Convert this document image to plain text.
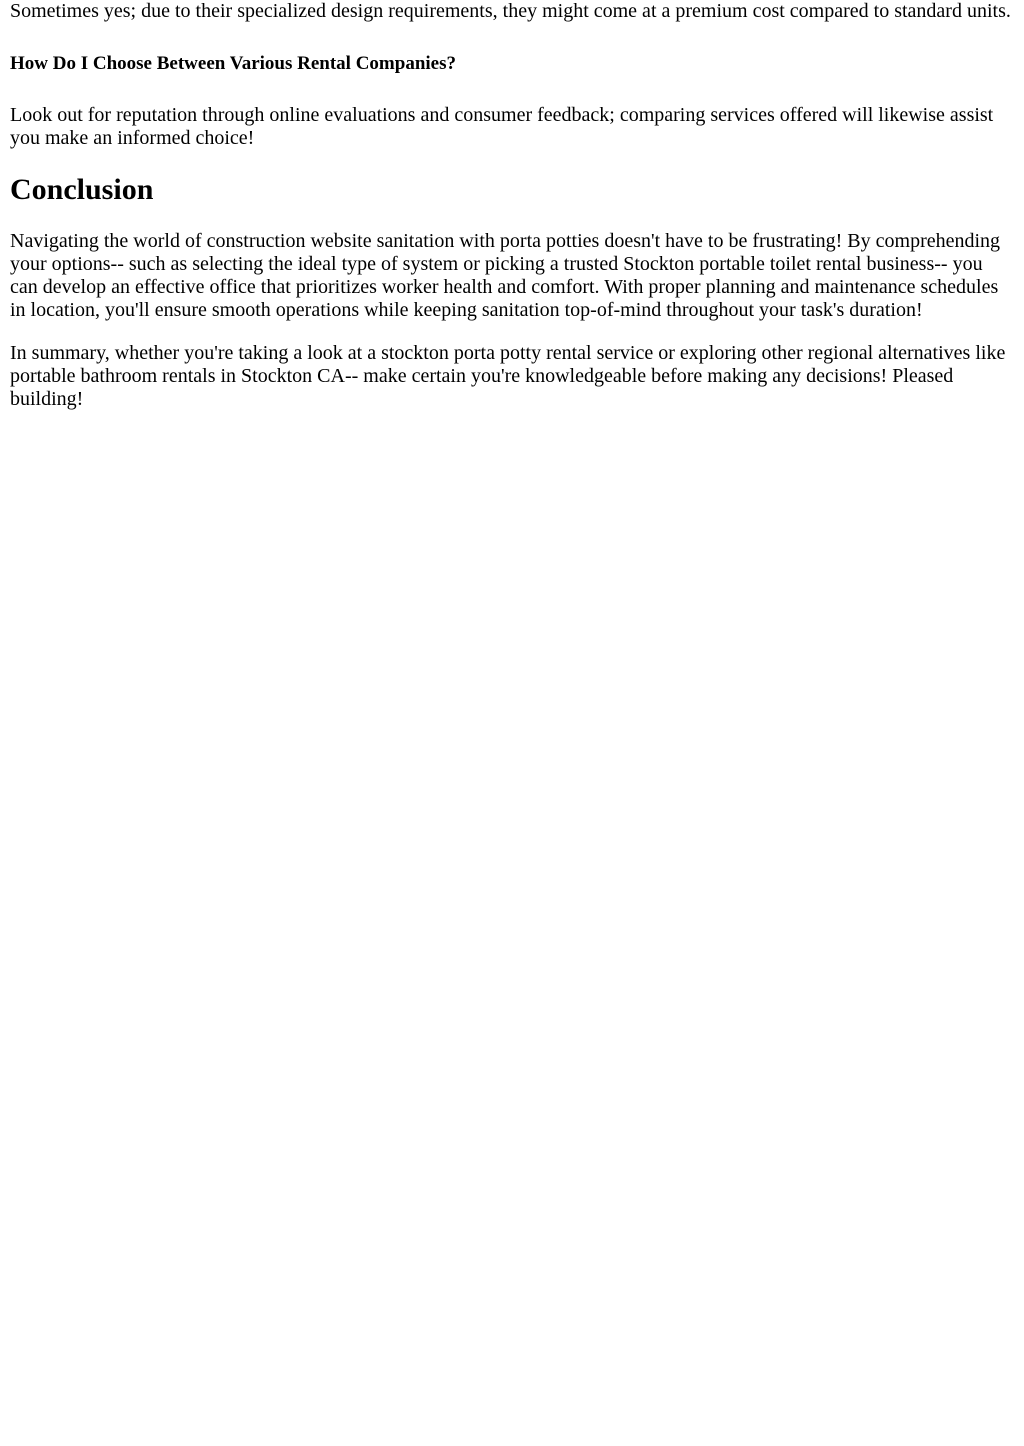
Sometimes yes; due to their specialized design requirements, they might come at a premium cost compared to standard units.

How Do I Choose Between Various Rental Companies?

Look out for reputation through online evaluations and consumer feedback; comparing services offered will likewise assist you make an informed choice!

Conclusion

Navigating the world of construction website sanitation with porta potties doesn't have to be frustrating! By comprehending your options-- such as selecting the ideal type of system or picking a trusted Stockton portable toilet rental business-- you can develop an effective office that prioritizes worker health and comfort. With proper planning and maintenance schedules in location, you'll ensure smooth operations while keeping sanitation top-of-mind throughout your task's duration!

In summary, whether you're taking a look at a stockton porta potty rental service or exploring other regional alternatives like portable bathroom rentals in Stockton CA-- make certain you're knowledgeable before making any decisions! Pleased building!
